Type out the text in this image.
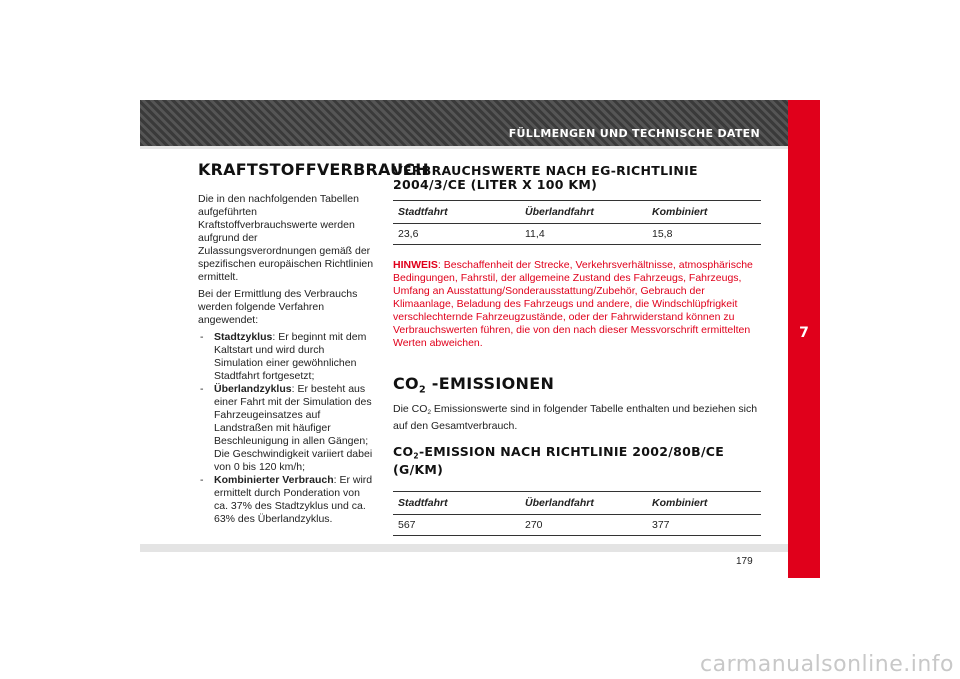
FÜLLMENGEN UND TECHNISCHE DATEN
7
KRAFTSTOFFVERBRAUCH

Die in den nachfolgenden Tabellen aufgeführten Kraftstoffverbrauchswerte werden aufgrund der Zulassungsverordnungen gemäß der spezifischen europäischen Richtlinien ermittelt.

Bei der Ermittlung des Verbrauchs werden folgende Verfahren angewendet:

- Stadtzyklus: Er beginnt mit dem Kaltstart und wird durch Simulation einer gewöhnlichen Stadtfahrt fortgesetzt;
- Überlandzyklus: Er besteht aus einer Fahrt mit der Simulation des Fahrzeugeinsatzes auf Landstraßen mit häufiger Beschleunigung in allen Gängen; Die Geschwindigkeit variiert dabei von 0 bis 120 km/h;
- Kombinierter Verbrauch: Er wird ermittelt durch Ponderation von ca. 37% des Stadtzyklus und ca. 63% des Überlandzyklus.
VERBRAUCHSWERTE NACH EG-RICHTLINIE 2004/3/CE (LITER X 100 KM)
Stadtfahrt	Überlandfahrt	Kombiniert
23,6	11,4	15,8

HINWEIS: Beschaffenheit der Strecke, Verkehrsverhältnisse, atmosphärische Bedingungen, Fahrstil, der allgemeine Zustand des Fahrzeugs, Fahrzeugs, Umfang an Ausstattung/Sonderausstattung/Zubehör, Gebrauch der Klimaanlage, Beladung des Fahrzeugs und andere, die Windschlüpfrigkeit verschlechternde Fahrzeugzustände, oder der Fahrwiderstand können zu Verbrauchswerten führen, die von den nach dieser Messvorschrift ermittelten Werten abweichen.

$CO_2$ -EMISSIONEN

Die $CO_2$ Emissionswerte sind in folgender Tabelle enthalten und beziehen sich auf den Gesamtverbrauch.

$CO_2$-EMISSION NACH RICHTLINIE 2002/80B/CE (G/KM)
Stadtfahrt	Überlandfahrt	Kombiniert
567	270	377
179
carmanualsonline.info
